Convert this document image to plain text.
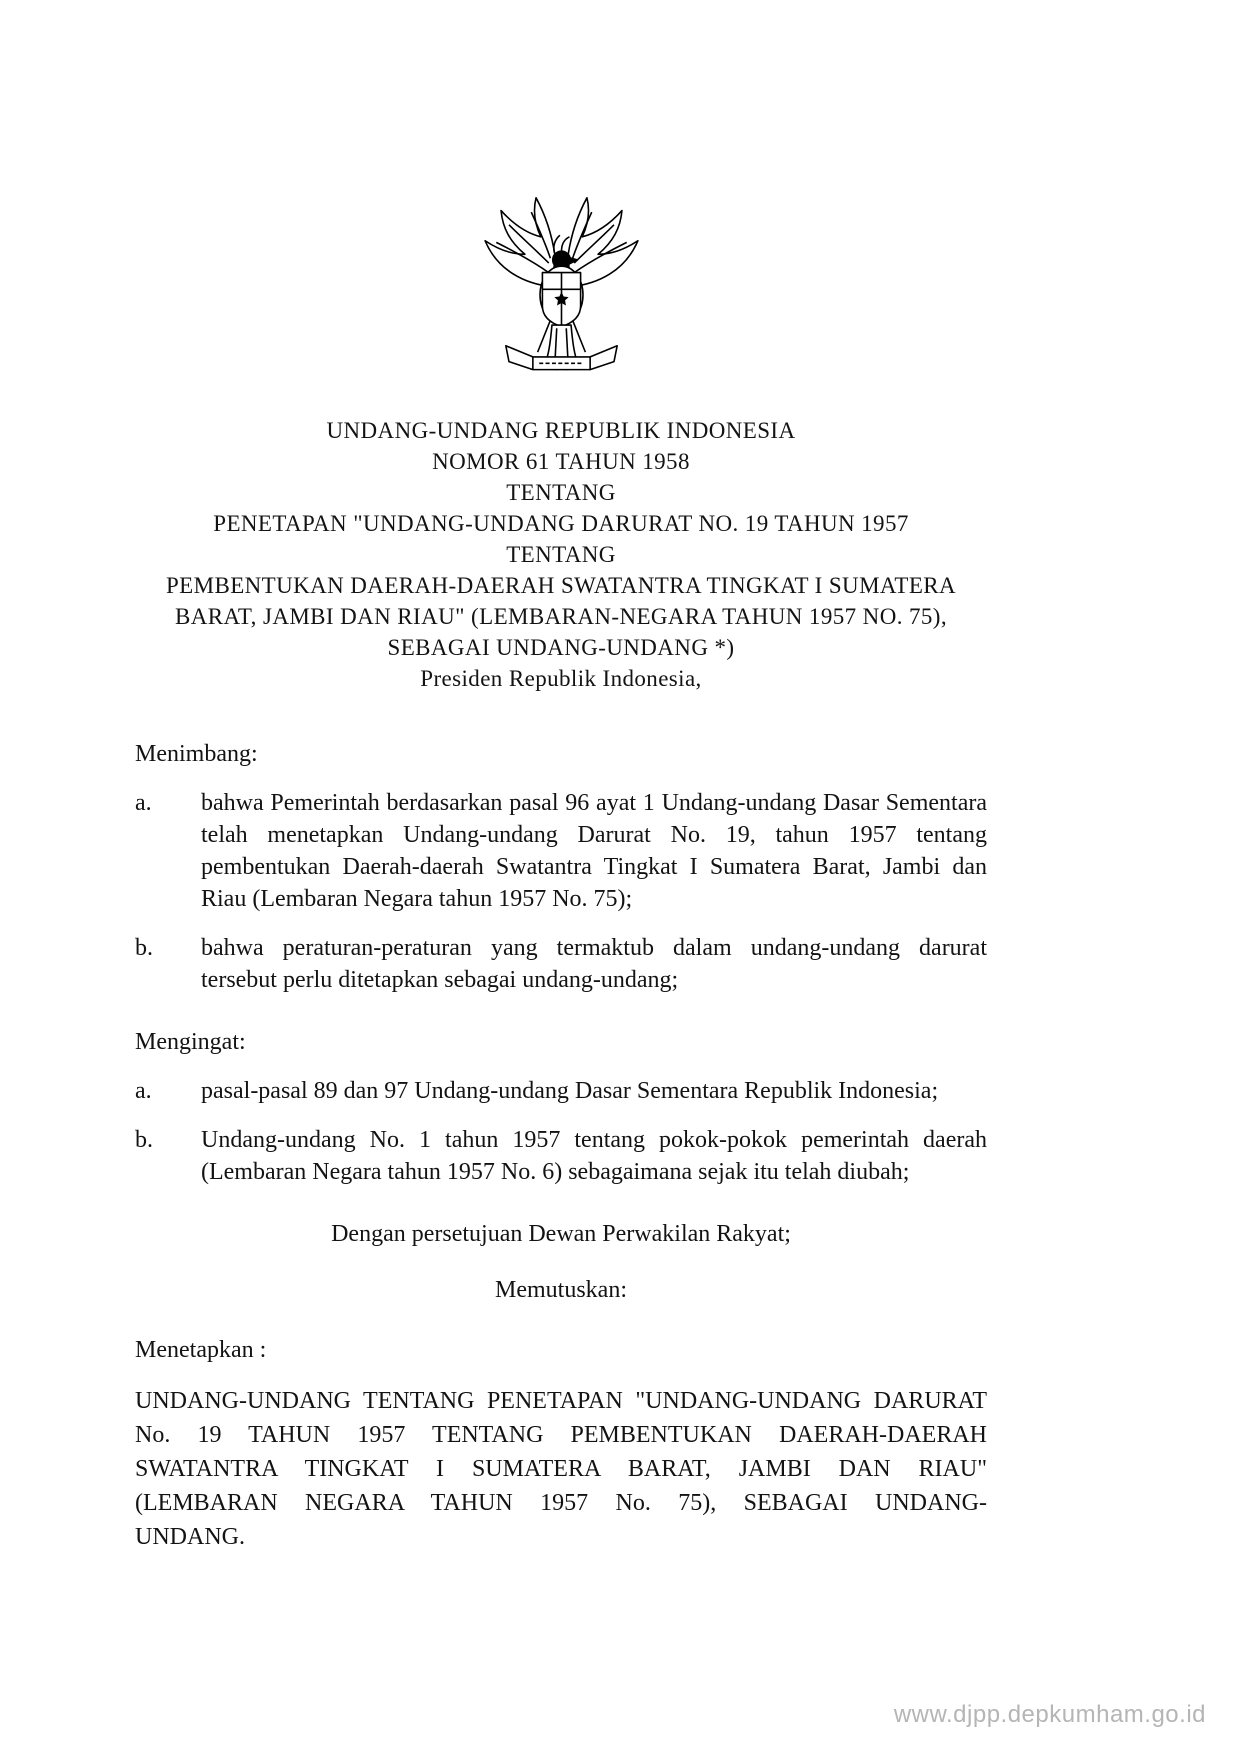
UNDANG-UNDANG REPUBLIK INDONESIA
NOMOR 61 TAHUN 1958
TENTANG
PENETAPAN "UNDANG-UNDANG DARURAT NO. 19 TAHUN 1957
TENTANG
PEMBENTUKAN DAERAH-DAERAH SWATANTRA TINGKAT I SUMATERA
BARAT, JAMBI DAN RIAU" (LEMBARAN-NEGARA TAHUN 1957 NO. 75),
SEBAGAI UNDANG-UNDANG *)
Presiden Republik Indonesia,
Menimbang:
a.	bahwa Pemerintah berdasarkan pasal 96 ayat 1 Undang-undang Dasar Sementara telah menetapkan Undang-undang Darurat No. 19, tahun 1957 tentang pembentukan Daerah-daerah Swatantra Tingkat I Sumatera Barat, Jambi dan Riau (Lembaran Negara tahun 1957 No. 75);
b.	bahwa peraturan-peraturan yang termaktub dalam undang-undang darurat tersebut perlu ditetapkan sebagai undang-undang;
Mengingat:
a.	pasal-pasal 89 dan 97 Undang-undang Dasar Sementara Republik Indonesia;
b.	Undang-undang No. 1 tahun 1957 tentang pokok-pokok pemerintah daerah (Lembaran Negara tahun 1957 No. 6) sebagaimana sejak itu telah diubah;
Dengan persetujuan Dewan Perwakilan Rakyat;
Memutuskan:
Menetapkan :
UNDANG-UNDANG TENTANG PENETAPAN "UNDANG-UNDANG DARURAT No. 19 TAHUN 1957 TENTANG PEMBENTUKAN DAERAH-DAERAH SWATANTRA TINGKAT I SUMATERA BARAT, JAMBI DAN RIAU" (LEMBARAN NEGARA TAHUN 1957 No. 75), SEBAGAI UNDANG-UNDANG.
www.djpp.depkumham.go.id
